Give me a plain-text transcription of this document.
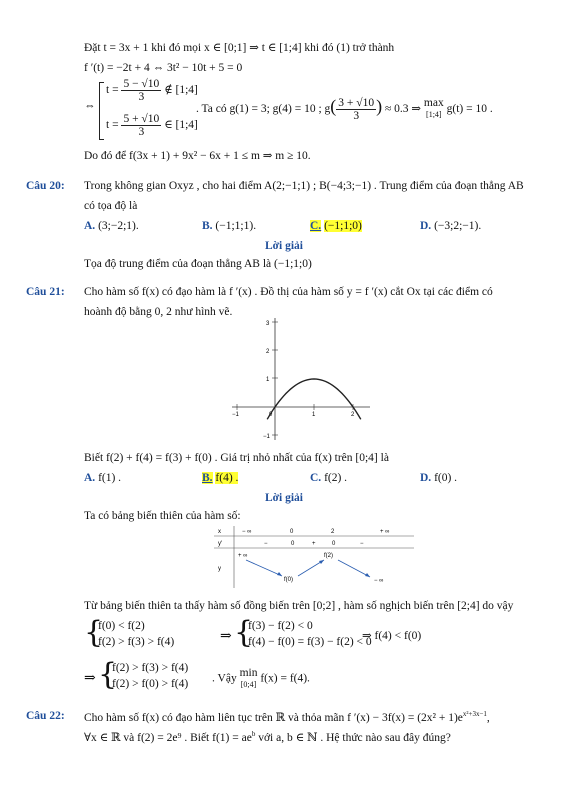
Đặt t = 3x + 1 khi đó mọi x ∈ [0;1] ⇒ t ∈ [1;4] khi đó (1) trở thành
f ′(t) = −2t + 4 ⇔ 3t² − 10t + 5 = 0
⇔
$t = \frac{5 - √10}{3}$ ∉ [1;4]
$t = \frac{5 + √10}{3}$ ∈ [1;4]
. Ta có g(1) = 3; g(4) = 10 ; $g( \frac{3 + √10}{3}$ ) ≈ 0.3 ⇒ max
[1;4] g(t) = 10 .
Do đó để f(3x + 1) + 9x² − 6x + 1 ≤ m ⇒ m ≥ 10.
Câu 20: Trong không gian Oxyz , cho hai điểm A(2;−1;1) ; B(−4;3;−1) . Trung điểm của đoạn thẳng AB
có tọa độ là
A. (3;−2;1).	B. (−1;1;1).	C. (−1;1;0)	D. (−3;2;−1).
Lời giải
Tọa độ trung điểm của đoạn thẳng AB là (−1;1;0)
Câu 21: Cho hàm số f(x) có đạo hàm là f ′(x) . Đồ thị của hàm số y = f ′(x) cắt Ox tại các điểm có
hoành độ bằng 0, 2 như hình vẽ.
3
2
1
−1
−1	0	1	2
Biết f(2) + f(4) = f(3) + f(0) . Giá trị nhỏ nhất của f(x) trên [0;4] là
A. f(1) .	B. f(4) .	C. f(2) .	D. f(0) .
Lời giải
Ta có bảng biến thiên của hàm số:
x	− ∞	0	2	+ ∞
y′	−	0	+	0	−
y
+ ∞	f(2)
f(0)	− ∞
Từ bảng biến thiên ta thấy hàm số đồng biến trên [0;2] , hàm số nghịch biến trên [2;4] do vậy
{
f(0) < f(2)
f(2) > f(3) > f(4)	⇒ {
f(3) − f(2) < 0
f(4) − f(0) = f(3) − f(2) < 0
⇒ f(4) < f(0)
⇒ {
f(2) > f(3) > f(4)
f(2) > f(0) > f(4) . Vậy min
[0;4] f(x) = f(4).
Câu 22: Cho hàm số f(x) có đạo hàm liên tục trên ℝ và thỏa mãn f $'(x) - 3f(x) = (2x^2 + 1)e^{x^2+3x-1}$,
∀x ∈ ℝ và f(2) = 2e⁹ . Biết $f(1) = ae^b$ với a, b ∈ ℕ . Hệ thức nào sau đây đúng?
